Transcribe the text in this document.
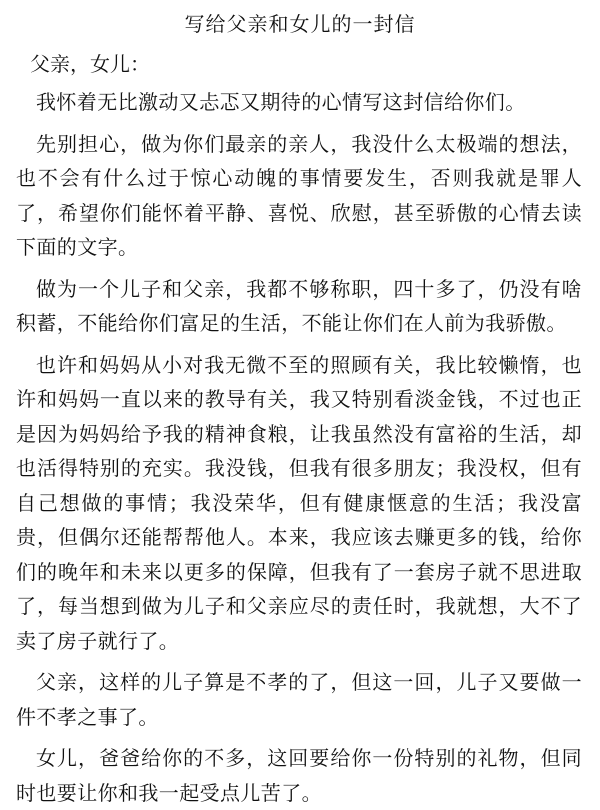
写给父亲和女儿的一封信
父亲，女儿：

我怀着无比激动又忐忑又期待的心情写这封信给你们。

先别担心，做为你们最亲的亲人，我没什么太极端的想法，也不会有什么过于惊心动魄的事情要发生，否则我就是罪人了，希望你们能怀着平静、喜悦、欣慰，甚至骄傲的心情去读下面的文字。

做为一个儿子和父亲，我都不够称职，四十多了，仍没有啥积蓄，不能给你们富足的生活，不能让你们在人前为我骄傲。

也许和妈妈从小对我无微不至的照顾有关，我比较懒惰，也许和妈妈一直以来的教导有关，我又特别看淡金钱，不过也正是因为妈妈给予我的精神食粮，让我虽然没有富裕的生活，却也活得特别的充实。我没钱，但我有很多朋友；我没权，但有自己想做的事情；我没荣华，但有健康惬意的生活；我没富贵，但偶尔还能帮帮他人。本来，我应该去赚更多的钱，给你们的晚年和未来以更多的保障，但我有了一套房子就不思进取了，每当想到做为儿子和父亲应尽的责任时，我就想，大不了卖了房子就行了。

父亲，这样的儿子算是不孝的了，但这一回，儿子又要做一件不孝之事了。

女儿，爸爸给你的不多，这回要给你一份特别的礼物，但同时也要让你和我一起受点儿苦了。
